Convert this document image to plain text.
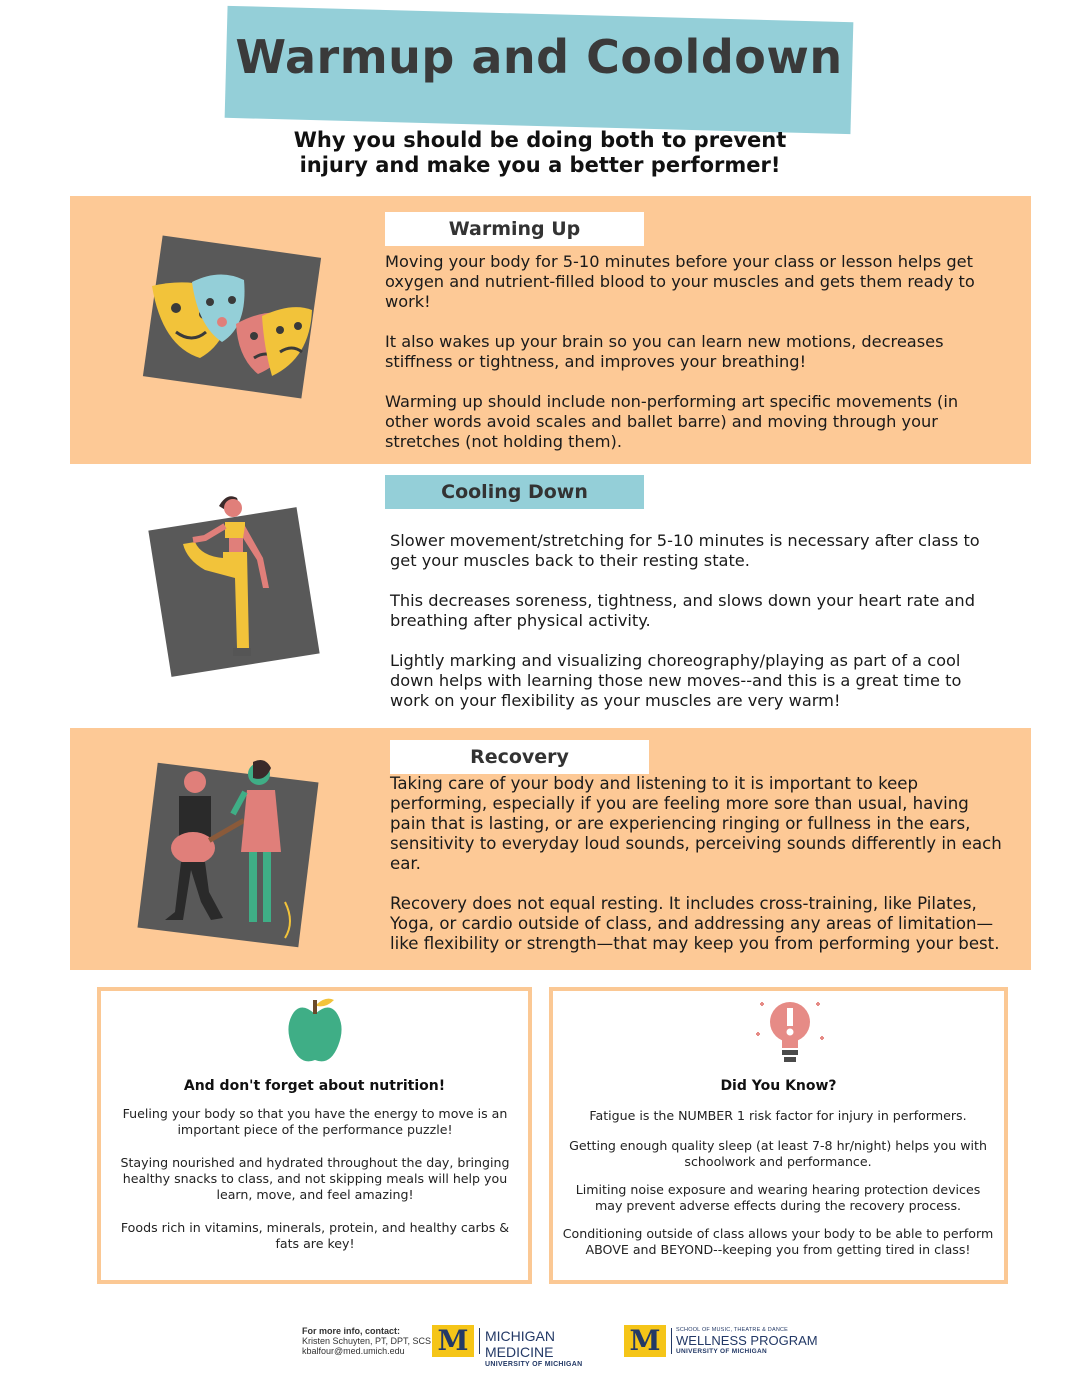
Warmup and Cooldown
Why you should be doing both to prevent
injury and make you a better performer!
Warming Up

Moving your body for 5-10 minutes before your class or lesson helps get oxygen and nutrient-filled blood to your muscles and gets them ready to work!

It also wakes up your brain so you can learn new motions, decreases stiffness or tightness, and improves your breathing!

Warming up should include non-performing art specific movements (in other words avoid scales and ballet barre) and moving through your stretches (not holding them).

Cooling Down

Slower movement/stretching for 5-10 minutes is necessary after class to get your muscles back to their resting state.

This decreases soreness, tightness, and slows down your heart rate and breathing after physical activity.

Lightly marking and visualizing choreography/playing as part of a cool down helps with learning those new moves--and this is a great time to work on your flexibility as your muscles are very warm!

Recovery

Taking care of your body and listening to it is important to keep performing, especially if you are feeling more sore than usual, having pain that is lasting, or are experiencing ringing or fullness in the ears, sensitivity to everyday loud sounds, perceiving sounds differently in each ear.

Recovery does not equal resting. It includes cross-training, like Pilates, Yoga, or cardio outside of class, and addressing any areas of limitation—like flexibility or strength—that may keep you from performing your best.

And don't forget about nutrition!

Fueling your body so that you have the energy to move is an important piece of the performance puzzle!

Staying nourished and hydrated throughout the day, bringing healthy snacks to class, and not skipping meals will help you learn, move, and feel amazing!

Foods rich in vitamins, minerals, protein, and healthy carbs & fats are key!

Did You Know?

Fatigue is the NUMBER 1 risk factor for injury in performers.

Getting enough quality sleep (at least 7-8 hr/night) helps you with schoolwork and performance.

Limiting noise exposure and wearing hearing protection devices may prevent adverse effects during the recovery process.

Conditioning outside of class allows your body to be able to perform ABOVE and BEYOND--keeping you from getting tired in class!

For more info, contact:
Kristen Schuyten, PT, DPT, SCS
kbalfour@med.umich.edu	M	MICHIGAN MEDICINE
UNIVERSITY OF MICHIGAN
M	SCHOOL OF MUSIC, THEATRE & DANCE
WELLNESS PROGRAM
UNIVERSITY OF MICHIGAN
